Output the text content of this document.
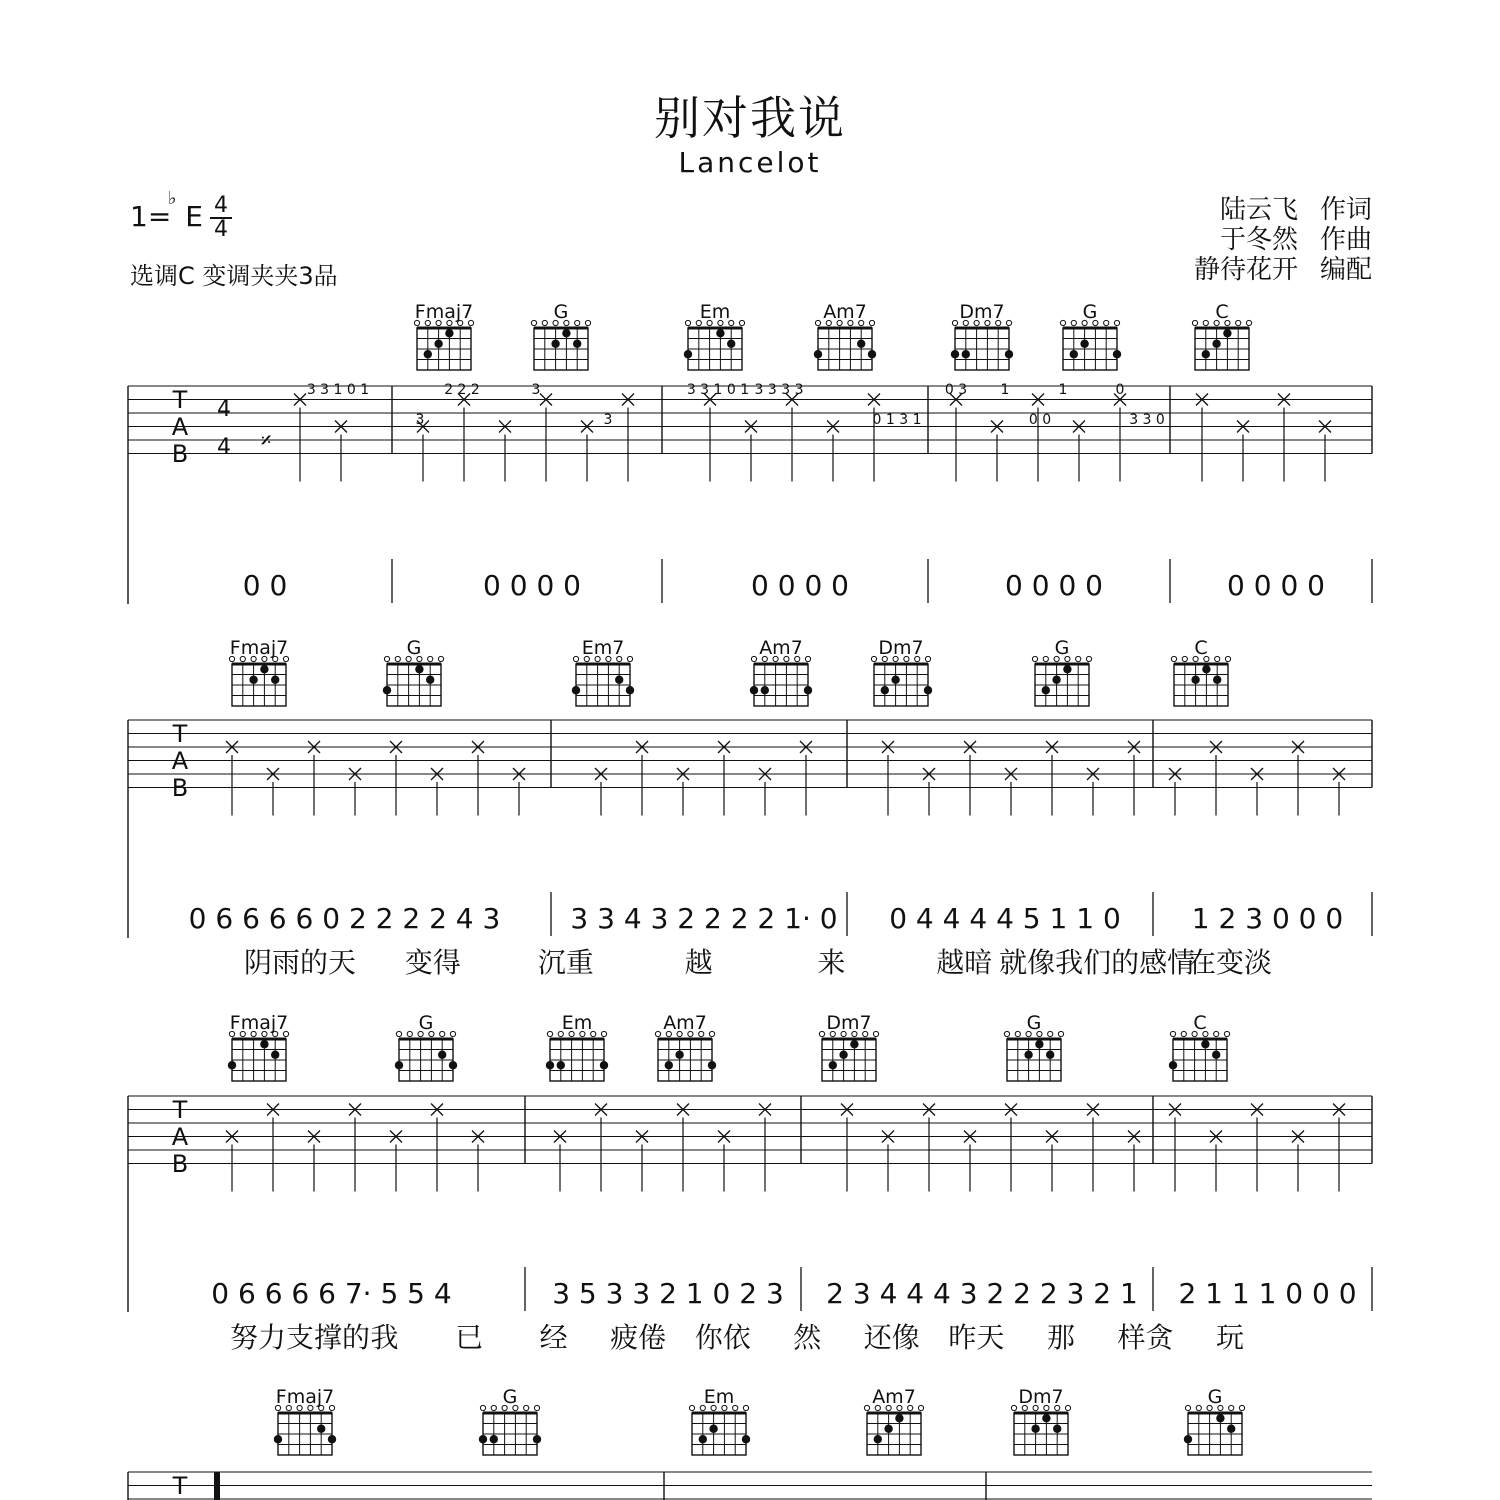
别对我说
Lancelot
1=
♭
E 4
4
选调C 变调夹夹3品
陆云飞 作词
于冬然 作曲
静待花开 编配
Fmaj7	G	Em	Am7	Dm7	G	C
T
A
B
3 3 1 0 1
3
2 2 2	3
3
3 3 1 0 1 3 3 3 3
0 1 3 1
0 3 1
0 0
1	0
3 3 0
𝄎
4
4
0 0	0 0 0 0	0 0 0 0	0 0 0 0	0 0 0 0
Fmaj7	G	Em7	Am7	Dm7	G	C
T
A
B
0 6 6 6 6 0 2 2 2 2 4 3	3 3 4 3 2 2 2 2 1· 0 0 4 4 4 4 5 1 1 0	1 2 3 0 0 0
阴雨的天 变得	沉重	越	来	越暗 就像我们的感情
在变淡
Fmaj7	G	Em	Am7	Dm7	G	C
T
A
B
0 6 6 6 6 7· 5 5 4	3 5 3 3 2 1 0 2 3 2 3 4 4 4 3 2 2 2 3 2 1 2 1 1 1 0 0 0
努力支撑的 我 已 经 疲倦 你依 然 还像 昨天 那 样贪 玩
Fmaj7	G	Em	Am7	Dm7	G
T
